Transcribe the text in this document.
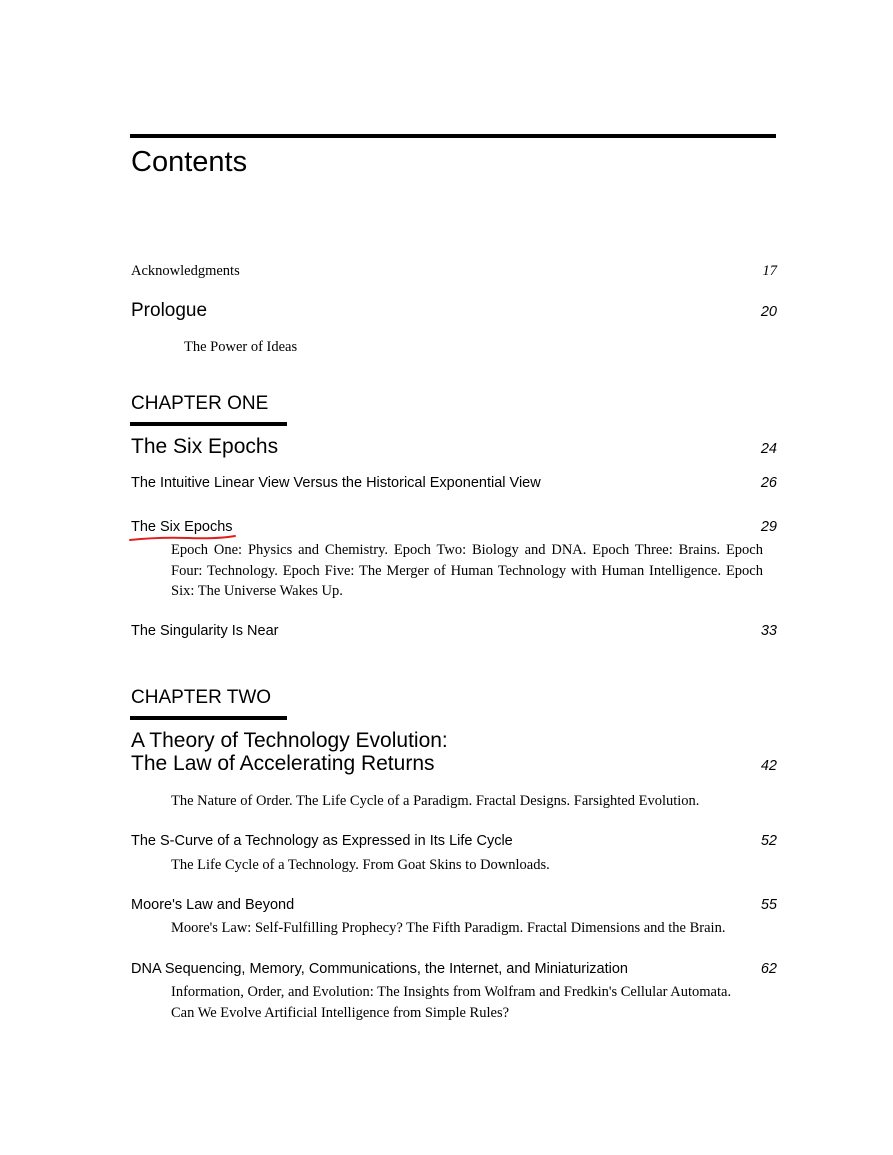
Contents
Acknowledgments	17
Prologue	20
The Power of Ideas
CHAPTER ONE
The Six Epochs	24
The Intuitive Linear View Versus the Historical Exponential View	26
The Six Epochs	29
Epoch One: Physics and Chemistry. Epoch Two: Biology and DNA. Epoch Three: Brains. Epoch Four: Technology. Epoch Five: The Merger of Human Technology with Human Intelligence. Epoch Six: The Universe Wakes Up.
The Singularity Is Near	33
CHAPTER TWO
A Theory of Technology Evolution:
The Law of Accelerating Returns	42
The Nature of Order. The Life Cycle of a Paradigm. Fractal Designs. Farsighted Evolution.
The S-Curve of a Technology as Expressed in Its Life Cycle	52
The Life Cycle of a Technology. From Goat Skins to Downloads.
Moore's Law and Beyond	55
Moore's Law: Self-Fulfilling Prophecy? The Fifth Paradigm. Fractal Dimensions and the Brain.
DNA Sequencing, Memory, Communications, the Internet, and Miniaturization	62
Information, Order, and Evolution: The Insights from Wolfram and Fredkin's Cellular Automata. Can We Evolve Artificial Intelligence from Simple Rules?
